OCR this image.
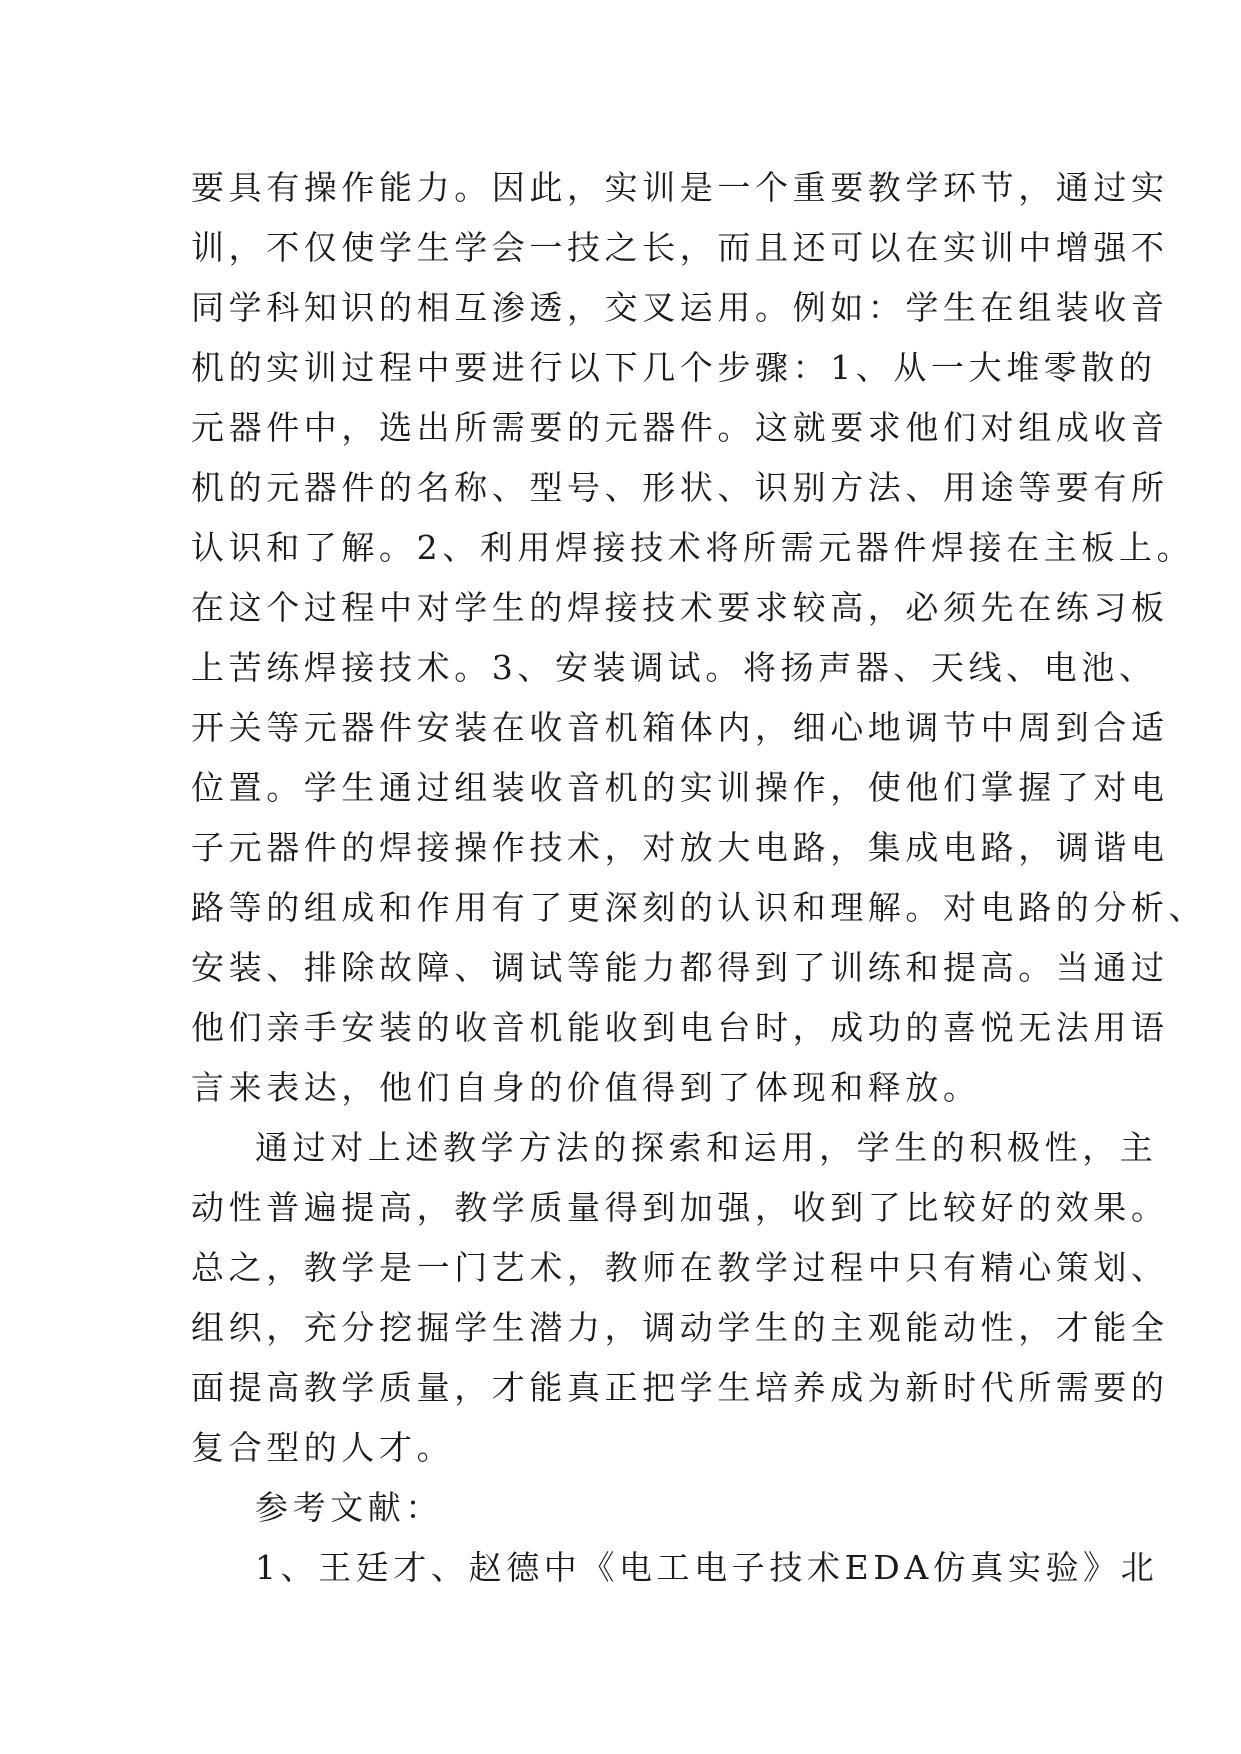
要具有操作能力。因此，实训是一个重要教学环节，通过实
训，不仅使学生学会一技之长，而且还可以在实训中增强不
同学科知识的相互渗透，交叉运用。例如：学生在组装收音
机的实训过程中要进行以下几个步骤：1、从一大堆零散的
元器件中，选出所需要的元器件。这就要求他们对组成收音
机的元器件的名称、型号、形状、识别方法、用途等要有所
认识和了解。2、利用焊接技术将所需元器件焊接在主板上。
在这个过程中对学生的焊接技术要求较高，必须先在练习板
上苦练焊接技术。3、安装调试。将扬声器、天线、电池、
开关等元器件安装在收音机箱体内，细心地调节中周到合适
位置。学生通过组装收音机的实训操作，使他们掌握了对电
子元器件的焊接操作技术，对放大电路，集成电路，调谐电
路等的组成和作用有了更深刻的认识和理解。对电路的分析、
安装、排除故障、调试等能力都得到了训练和提高。当通过
他们亲手安装的收音机能收到电台时，成功的喜悦无法用语
言来表达，他们自身的价值得到了体现和释放。
通过对上述教学方法的探索和运用，学生的积极性，主
动性普遍提高，教学质量得到加强，收到了比较好的效果。
总之，教学是一门艺术，教师在教学过程中只有精心策划、
组织，充分挖掘学生潜力，调动学生的主观能动性，才能全
面提高教学质量，才能真正把学生培养成为新时代所需要的
复合型的人才。
参考文献：
1、王廷才、赵德中《电工电子技术EDA仿真实验》北
